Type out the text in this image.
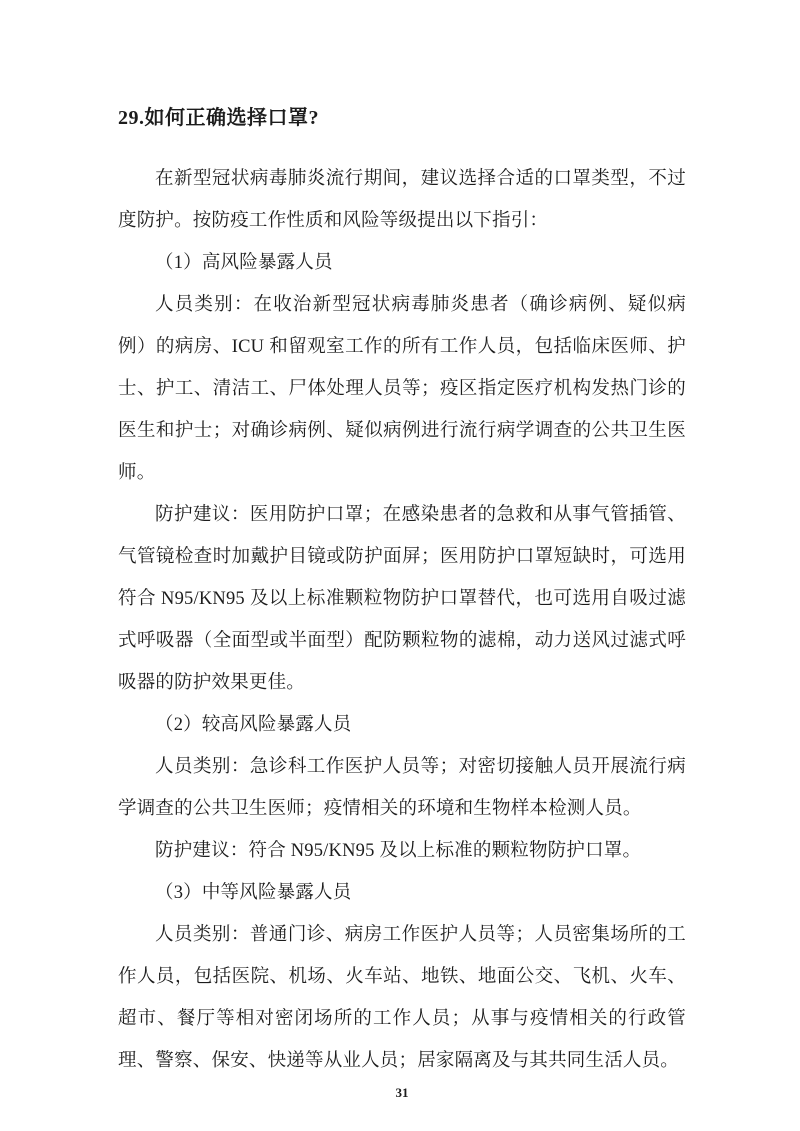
29.如何正确选择口罩?

在新型冠状病毒肺炎流行期间，建议选择合适的口罩类型，不过度防护。按防疫工作性质和风险等级提出以下指引：

（1）高风险暴露人员

人员类别：在收治新型冠状病毒肺炎患者（确诊病例、疑似病例）的病房、ICU 和留观室工作的所有工作人员，包括临床医师、护士、护工、清洁工、尸体处理人员等；疫区指定医疗机构发热门诊的医生和护士；对确诊病例、疑似病例进行流行病学调查的公共卫生医师。

防护建议：医用防护口罩；在感染患者的急救和从事气管插管、气管镜检查时加戴护目镜或防护面屏；医用防护口罩短缺时，可选用符合 N95/KN95 及以上标准颗粒物防护口罩替代，也可选用自吸过滤式呼吸器（全面型或半面型）配防颗粒物的滤棉，动力送风过滤式呼吸器的防护效果更佳。

（2）较高风险暴露人员

人员类别：急诊科工作医护人员等；对密切接触人员开展流行病学调查的公共卫生医师；疫情相关的环境和生物样本检测人员。

防护建议：符合 N95/KN95 及以上标准的颗粒物防护口罩。

（3）中等风险暴露人员

人员类别：普通门诊、病房工作医护人员等；人员密集场所的工作人员，包括医院、机场、火车站、地铁、地面公交、飞机、火车、超市、餐厅等相对密闭场所的工作人员；从事与疫情相关的行政管理、警察、保安、快递等从业人员；居家隔离及与其共同生活人员。

31
